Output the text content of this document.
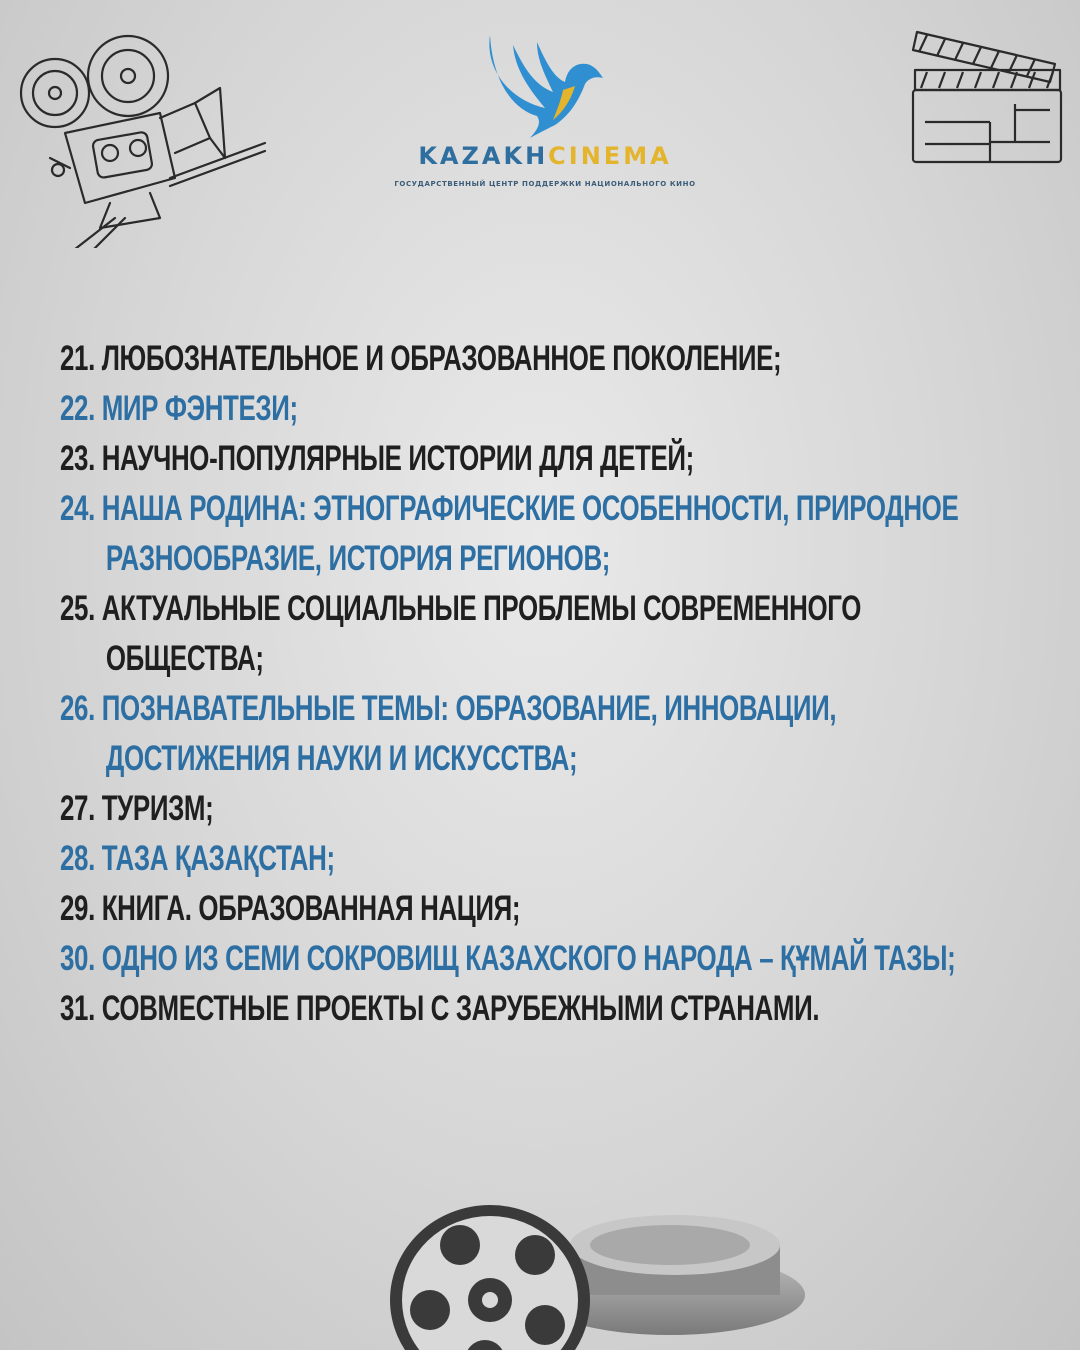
KAZAKHCINEMA
ГОСУДАРСТВЕННЫЙ ЦЕНТР ПОДДЕРЖКИ НАЦИОНАЛЬНОГО КИНО
21. ЛЮБОЗНАТЕЛЬНОЕ И ОБРАЗОВАННОЕ ПОКОЛЕНИЕ;
22. МИР ФЭНТЕЗИ;
23. НАУЧНО-ПОПУЛЯРНЫЕ ИСТОРИИ ДЛЯ ДЕТЕЙ;
24. НАША РОДИНА: ЭТНОГРАФИЧЕСКИЕ ОСОБЕННОСТИ, ПРИРОДНОЕ

РАЗНООБРАЗИЕ, ИСТОРИЯ РЕГИОНОВ;
25. АКТУАЛЬНЫЕ СОЦИАЛЬНЫЕ ПРОБЛЕМЫ СОВРЕМЕННОГО

ОБЩЕСТВА;
26. ПОЗНАВАТЕЛЬНЫЕ ТЕМЫ: ОБРАЗОВАНИЕ, ИННОВАЦИИ,

ДОСТИЖЕНИЯ НАУКИ И ИСКУССТВА;
27. ТУРИЗМ;
28. ТАЗА ҚАЗАҚСТАН;
29. КНИГА. ОБРАЗОВАННАЯ НАЦИЯ;
30. ОДНО ИЗ СЕМИ СОКРОВИЩ КАЗАХСКОГО НАРОДА – ҚҰМАЙ ТАЗЫ;
31. СОВМЕСТНЫЕ ПРОЕКТЫ С ЗАРУБЕЖНЫМИ СТРАНАМИ.
